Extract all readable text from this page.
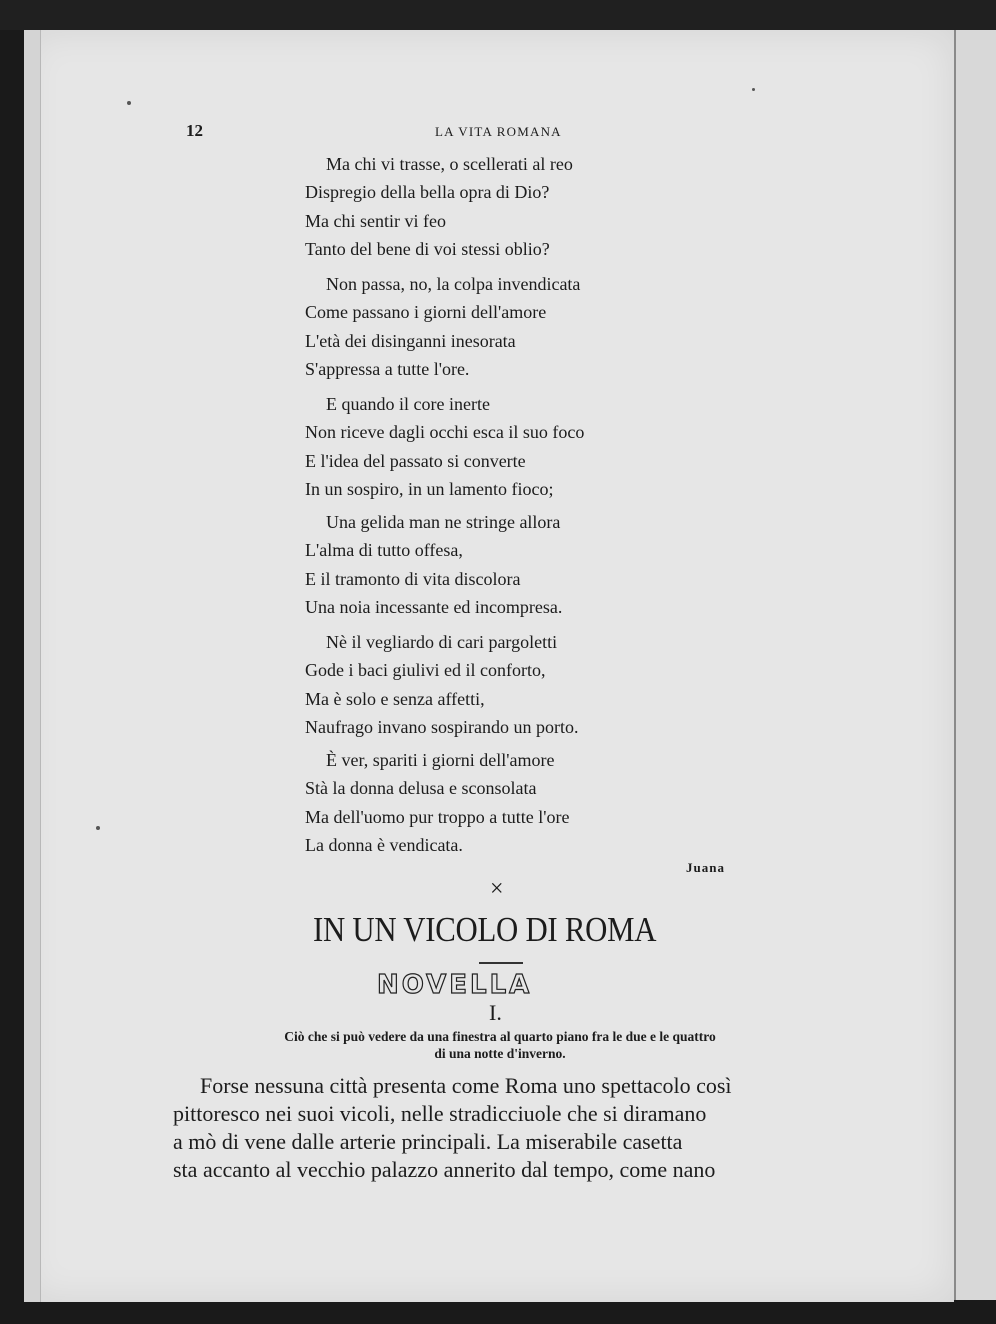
12	LA VITA ROMANA
Ma chi vi trasse, o scellerati al reo
Dispregio della bella opra di Dio?
Ma chi sentir vi feo
Tanto del bene di voi stessi oblio?
Non passa, no, la colpa invendicata
Come passano i giorni dell'amore
L'età dei disinganni inesorata
S'appressa a tutte l'ore.
E quando il core inerte
Non riceve dagli occhi esca il suo foco
E l'idea del passato si converte
In un sospiro, in un lamento fioco;
Una gelida man ne stringe allora
L'alma di tutto offesa,
E il tramonto di vita discolora
Una noia incessante ed incompresa.
Nè il vegliardo di cari pargoletti
Gode i baci giulivi ed il conforto,
Ma è solo e senza affetti,
Naufrago invano sospirando un porto.
È ver, spariti i giorni dell'amore
Stà la donna delusa e sconsolata
Ma dell'uomo pur troppo a tutte l'ore
La donna è vendicata.
Juana
×
IN UN VICOLO DI ROMA
NOVELLA
I.
Ciò che si può vedere da una finestra al quarto piano fra le due e le quattro
di una notte d'inverno.
Forse nessuna città presenta come Roma uno spettacolo così
pittoresco nei suoi vicoli, nelle stradicciuole che si diramano
a mò di vene dalle arterie principali. La miserabile casetta
sta accanto al vecchio palazzo annerito dal tempo, come nano
